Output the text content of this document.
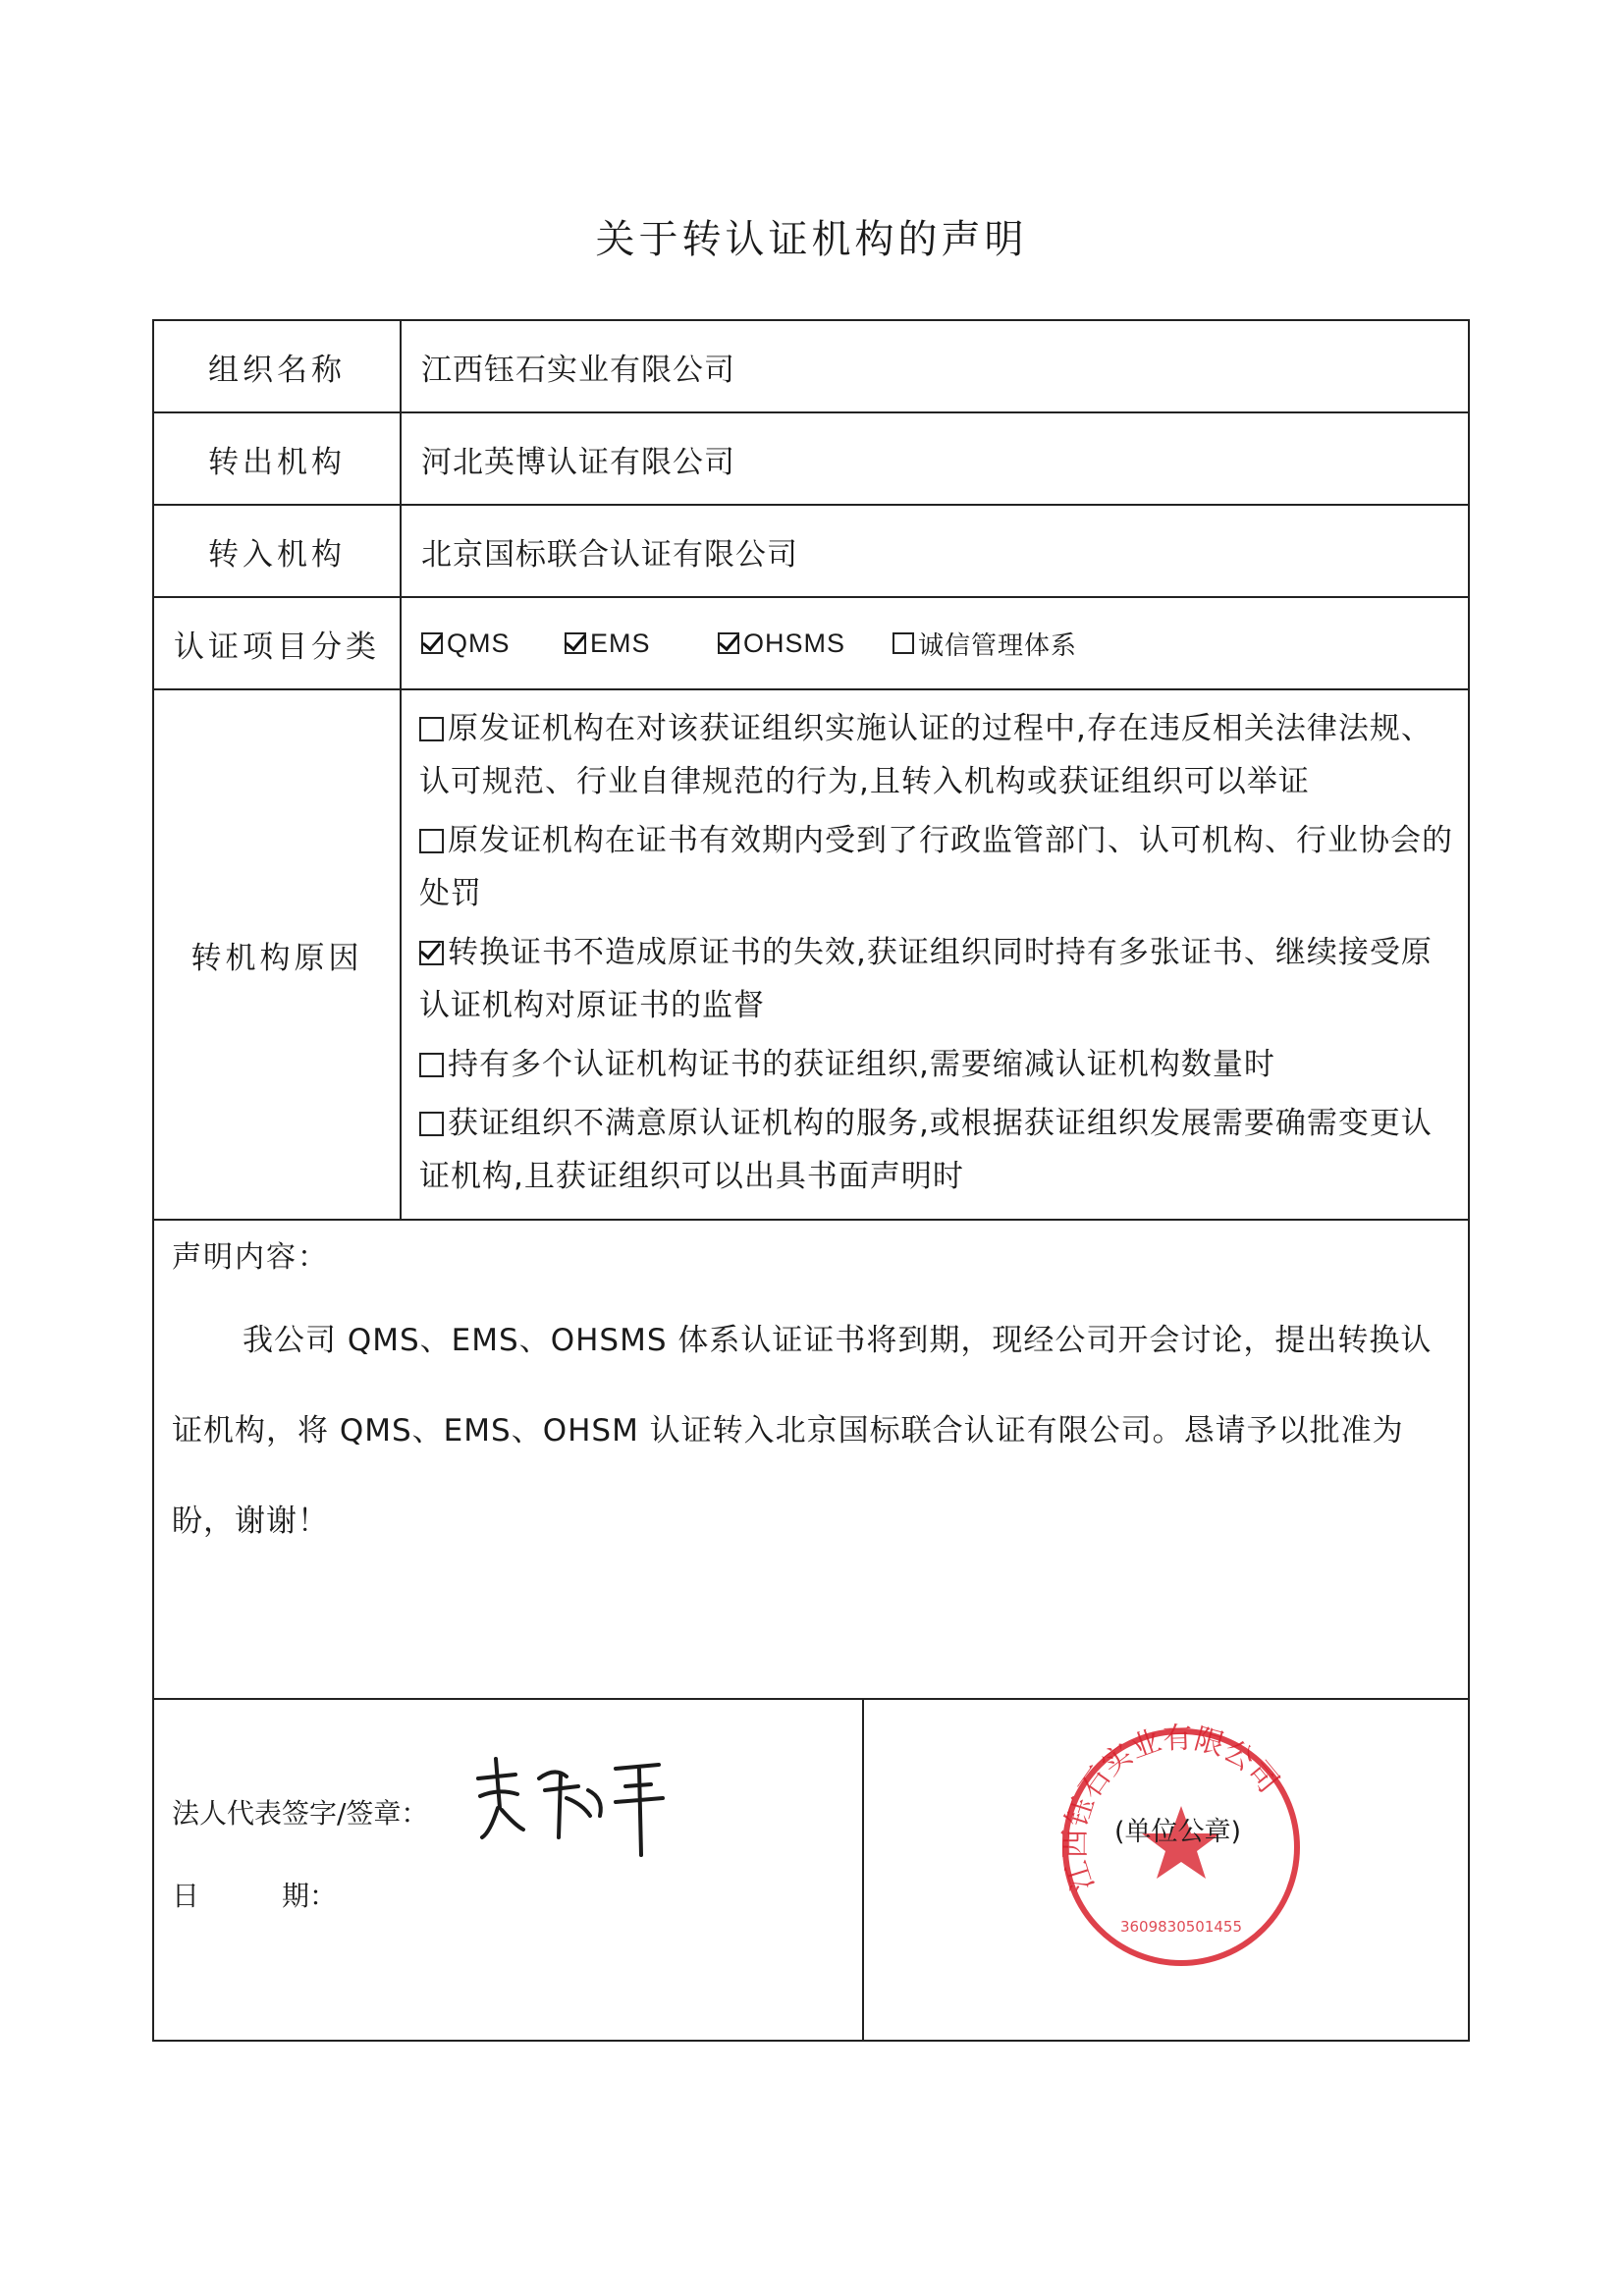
关于转认证机构的声明
组织名称	江西钰石实业有限公司
转出机构	河北英博认证有限公司
转入机构	北京国标联合认证有限公司
认证项目分类	QMS	EMS	OHSMS	诚信管理体系

转机构原因	
原发证机构在对该获证组织实施认证的过程中,存在违反相关法律法规、认可规范、行业自律规范的行为,且转入机构或获证组织可以举证
原发证机构在证书有效期内受到了行政监管部门、认可机构、行业协会的处罚
转换证书不造成原证书的失效,获证组织同时持有多张证书、继续接受原认证机构对原证书的监督
持有多个认证机构证书的获证组织,需要缩减认证机构数量时
获证组织不满意原认证机构的服务,或根据获证组织发展需要确需变更认证机构,且获证组织可以出具书面声明时

声明内容：
我公司 QMS、EMS、OHSMS 体系认证证书将到期，现经公司开会讨论，提出转换认证机构，将 QMS、EMS、OHSM 认证转入北京国标联合认证有限公司。恳请予以批准为盼，谢谢！

法人代表签字/签章：
日　　　期：

江西钰石实业有限公司
3609830501455
(单位公章)
